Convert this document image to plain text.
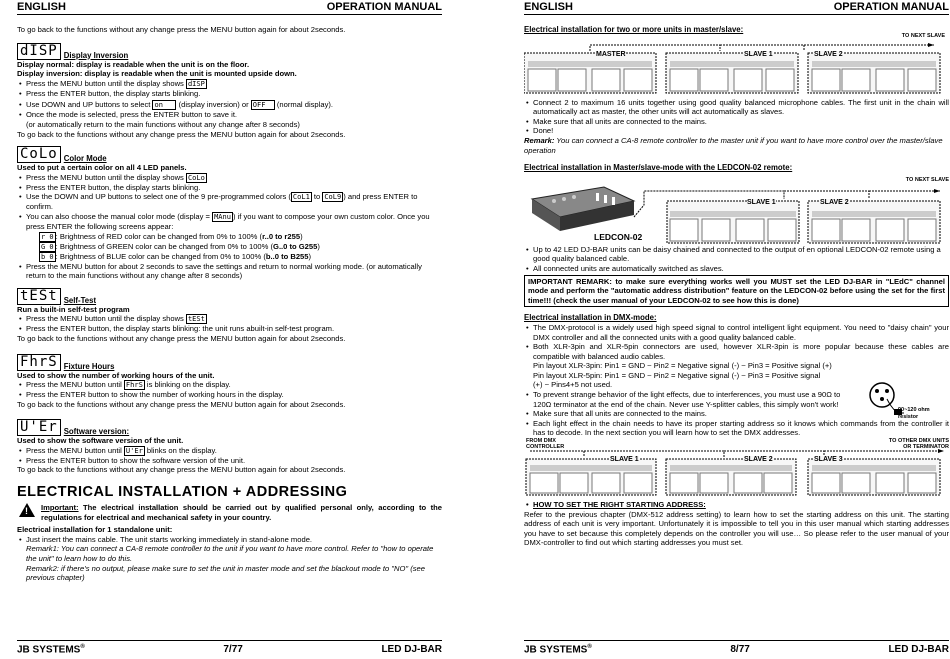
ENGLISH	OPERATION MANUAL

To go back to the functions without any change press the MENU button again for about 2seconds.

dISP Display Inversion

Display normal: display is readable when the unit is on the floor.

Display inversion: display is readable when the unit is mounted upside down.

• Press the MENU button until the display shows dISP
• Press the ENTER button, the display starts blinking.
• Use DOWN and UP buttons to select on (display inversion) or OFF (normal display).
• Once the mode is selected, press the ENTER button to save it.
(or automatically return to the main functions without any change after 8 seconds)

To go back to the functions without any change press the MENU button again for about 2seconds.

CoLo Color Mode

Used to put a certain color on all 4 LED panels.

• Press the MENU button until the display shows CoLo
• Press the ENTER button, the display starts blinking.
• Use the DOWN and UP buttons to select one of the 9 pre-programmed colors ( CoL1 to CoL9 ) and press ENTER to confirm.
• You can also choose the manual color mode (display = MAnu ) if you want to compose your own custom color. Once you press ENTER the following screens appear:

r 0 : Brightness of RED color can be changed from 0% to 100% (r..0 to r255)

G 0 : Brightness of GREEN color can be changed from 0% to 100% (G..0 to G255)

b 0 : Brightness of BLUE color can be changed from 0% to 100% (b..0 to B255)

• Press the MENU button for about 2 seconds to save the settings and return to normal working mode. (or automatically return to the main functions without any change after 8 seconds)
tESt Self-Test

Run a built-in self-test program

• Press the MENU button until the display shows tESt
• Press the ENTER button, the display starts blinking: the unit runs abuilt-in self-test program.

To go back to the functions without any change press the MENU button again for about 2seconds.

FhrS Fixture Hours

Used to show the number of working hours of the unit.

• Press the MENU button until FhrS is blinking on the display.
• Press the ENTER button to show the number of working hours in the display.

To go back to the functions without any change press the MENU button again for about 2seconds.

U'Er Software version:

Used to show the software version of the unit.

• Press the MENU button until U'Er blinks on the display.
• Press the ENTER button to show the software version of the unit.

To go back to the functions without any change press the MENU button again for about 2seconds.

ELECTRICAL INSTALLATION + ADDRESSING
! Important: The electrical installation should be carried out by qualified personal only, according to the regulations for electrical and mechanical safety in your country.

Electrical installation for 1 standalone unit:

• Just insert the mains cable. The unit starts working immediately in stand-alone mode.

Remark1: You can connect a CA-8 remote controller to the unit if you want to have more control. Refer to "how to operate the unit" to learn how to do this.

Remark2: if there's no output, please make sure to set the unit in master mode and set the blackout mode to "NO" (see previous chapter)

JB SYSTEMS®	7/77	LED DJ-BAR
ENGLISH	OPERATION MANUAL

Electrical installation for two or more units in master/slave:

TO NEXT SLAVE
MASTER	SLAVE 1	SLAVE 2
• Connect 2 to maximum 16 units together using good quality balanced microphone cables. The first unit in the chain will automatically act as master, the other units will act automatically as slaves.
• Make sure that all units are connected to the mains.
• Done!

Remark: You can connect a CA-8 remote controller to the master unit if you want to have more control over the master/slave operation

Electrical installation in Master/slave-mode with the LEDCON-02 remote:

TO NEXT SLAVE
SLAVE 1	SLAVE 2
LEDCON-02
• Up to 42 LED DJ-BAR units can be daisy chained and connected to the output of en optional LEDCON-02 remote using a good quality balanced cable.
• All connected units are automatically switched as slaves.

IMPORTANT REMARK: to make sure everything works well you MUST set the LED DJ-BAR in "LEdC" channel mode and perform the "automatic address distribution" feature on the LEDCON-02 before using the set for the first time!!! (check the user manual of your LEDCON-02 to see how this is done)

Electrical installation in DMX-mode:

• The DMX-protocol is a widely used high speed signal to control intelligent light equipment. You need to "daisy chain" your DMX controller and all the connected units with a good quality balanced cable.
• Both XLR-3pin and XLR-5pin connectors are used, however XLR-3pin is more popular because these cables are compatible with balanced audio cables.

Pin layout XLR-3pin: Pin1 = GND ~ Pin2 = Negative signal (-) ~ Pin3 = Positive signal (+)

Pin layout XLR-5pin: Pin1 = GND ~ Pin2 = Negative signal (-) ~ Pin3 = Positive signal

(+) ~ Pins4+5 not used.

• To prevent strange behavior of the light effects, due to interferences, you must use a 90Ω to 120Ω terminator at the end of the chain. Never use Y-splitter cables, this simply won't work!
90~120 ohm resistor
• Make sure that all units are connected to the mains.
• Each light effect in the chain needs to have its proper starting address so it knows which commands from the controller it has to decode. In the next section you will learn how to set the DMX addresses.
FROM DMX CONTROLLER
SLAVE 1	SLAVE 2	SLAVE 3
TO OTHER DMX UNITS OR TERMINATOR
• HOW TO SET THE RIGHT STARTING ADDRESS:

Refer to the previous chapter (DMX-512 address setting) to learn how to set the starting address on this unit. The starting address of each unit is very important. Unfortunately it is impossible to tell you in this user manual which starting addresses you have to set because this completely depends on the controller you will use… So please refer to the user manual of your DMX-controller to find out which starting addresses you must set.

JB SYSTEMS®	8/77	LED DJ-BAR
